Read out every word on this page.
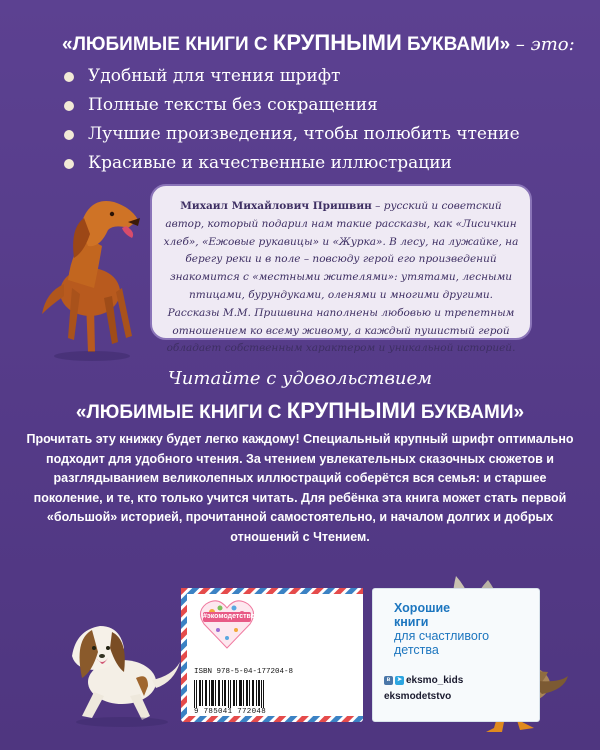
«ЛЮБИМЫЕ КНИГИ С КРУПНЫМИ БУКВАМИ» – это:
Удобный для чтения шрифт
Полные тексты без сокращения
Лучшие произведения, чтобы полюбить чтение
Красивые и качественные иллюстрации

Михаил Михайлович Пришвин – русский и советский автор, который подарил нам такие рассказы, как «Лисичкин хлеб», «Ежовые рукавицы» и «Журка». В лесу, на лужайке, на берегу реки и в поле – повсюду герой его произведений знакомится с «местными жителями»: утятами, лесными птицами, бурундуками, оленями и многими другими. Рассказы М.М. Пришвина наполнены любовью и трепетным отношением ко всему живому, а каждый пушистый герой обладает собственным характером и уникальной историей.

Читайте с удовольствием
«ЛЮБИМЫЕ КНИГИ С КРУПНЫМИ БУКВАМИ»

Прочитать эту книжку будет легко каждому! Специальный крупный шрифт оптимально подходит для удобного чтения. За чтением увлекательных сказочных сюжетов и разглядыванием великолепных иллюстраций соберётся вся семья: и старшее поколение, и те, кто только учится читать. Для ребёнка эта книга может стать первой «большой» историей, прочитанной самостоятельно, и началом долгих и добрых отношений с Чтением.

#экомодетство
ISBN 978-5-04-177204-8
9 785041 772048
Хорошие
книги
для счастливого
детства
в	➤ eksmo_kids
eksmodetstvo
